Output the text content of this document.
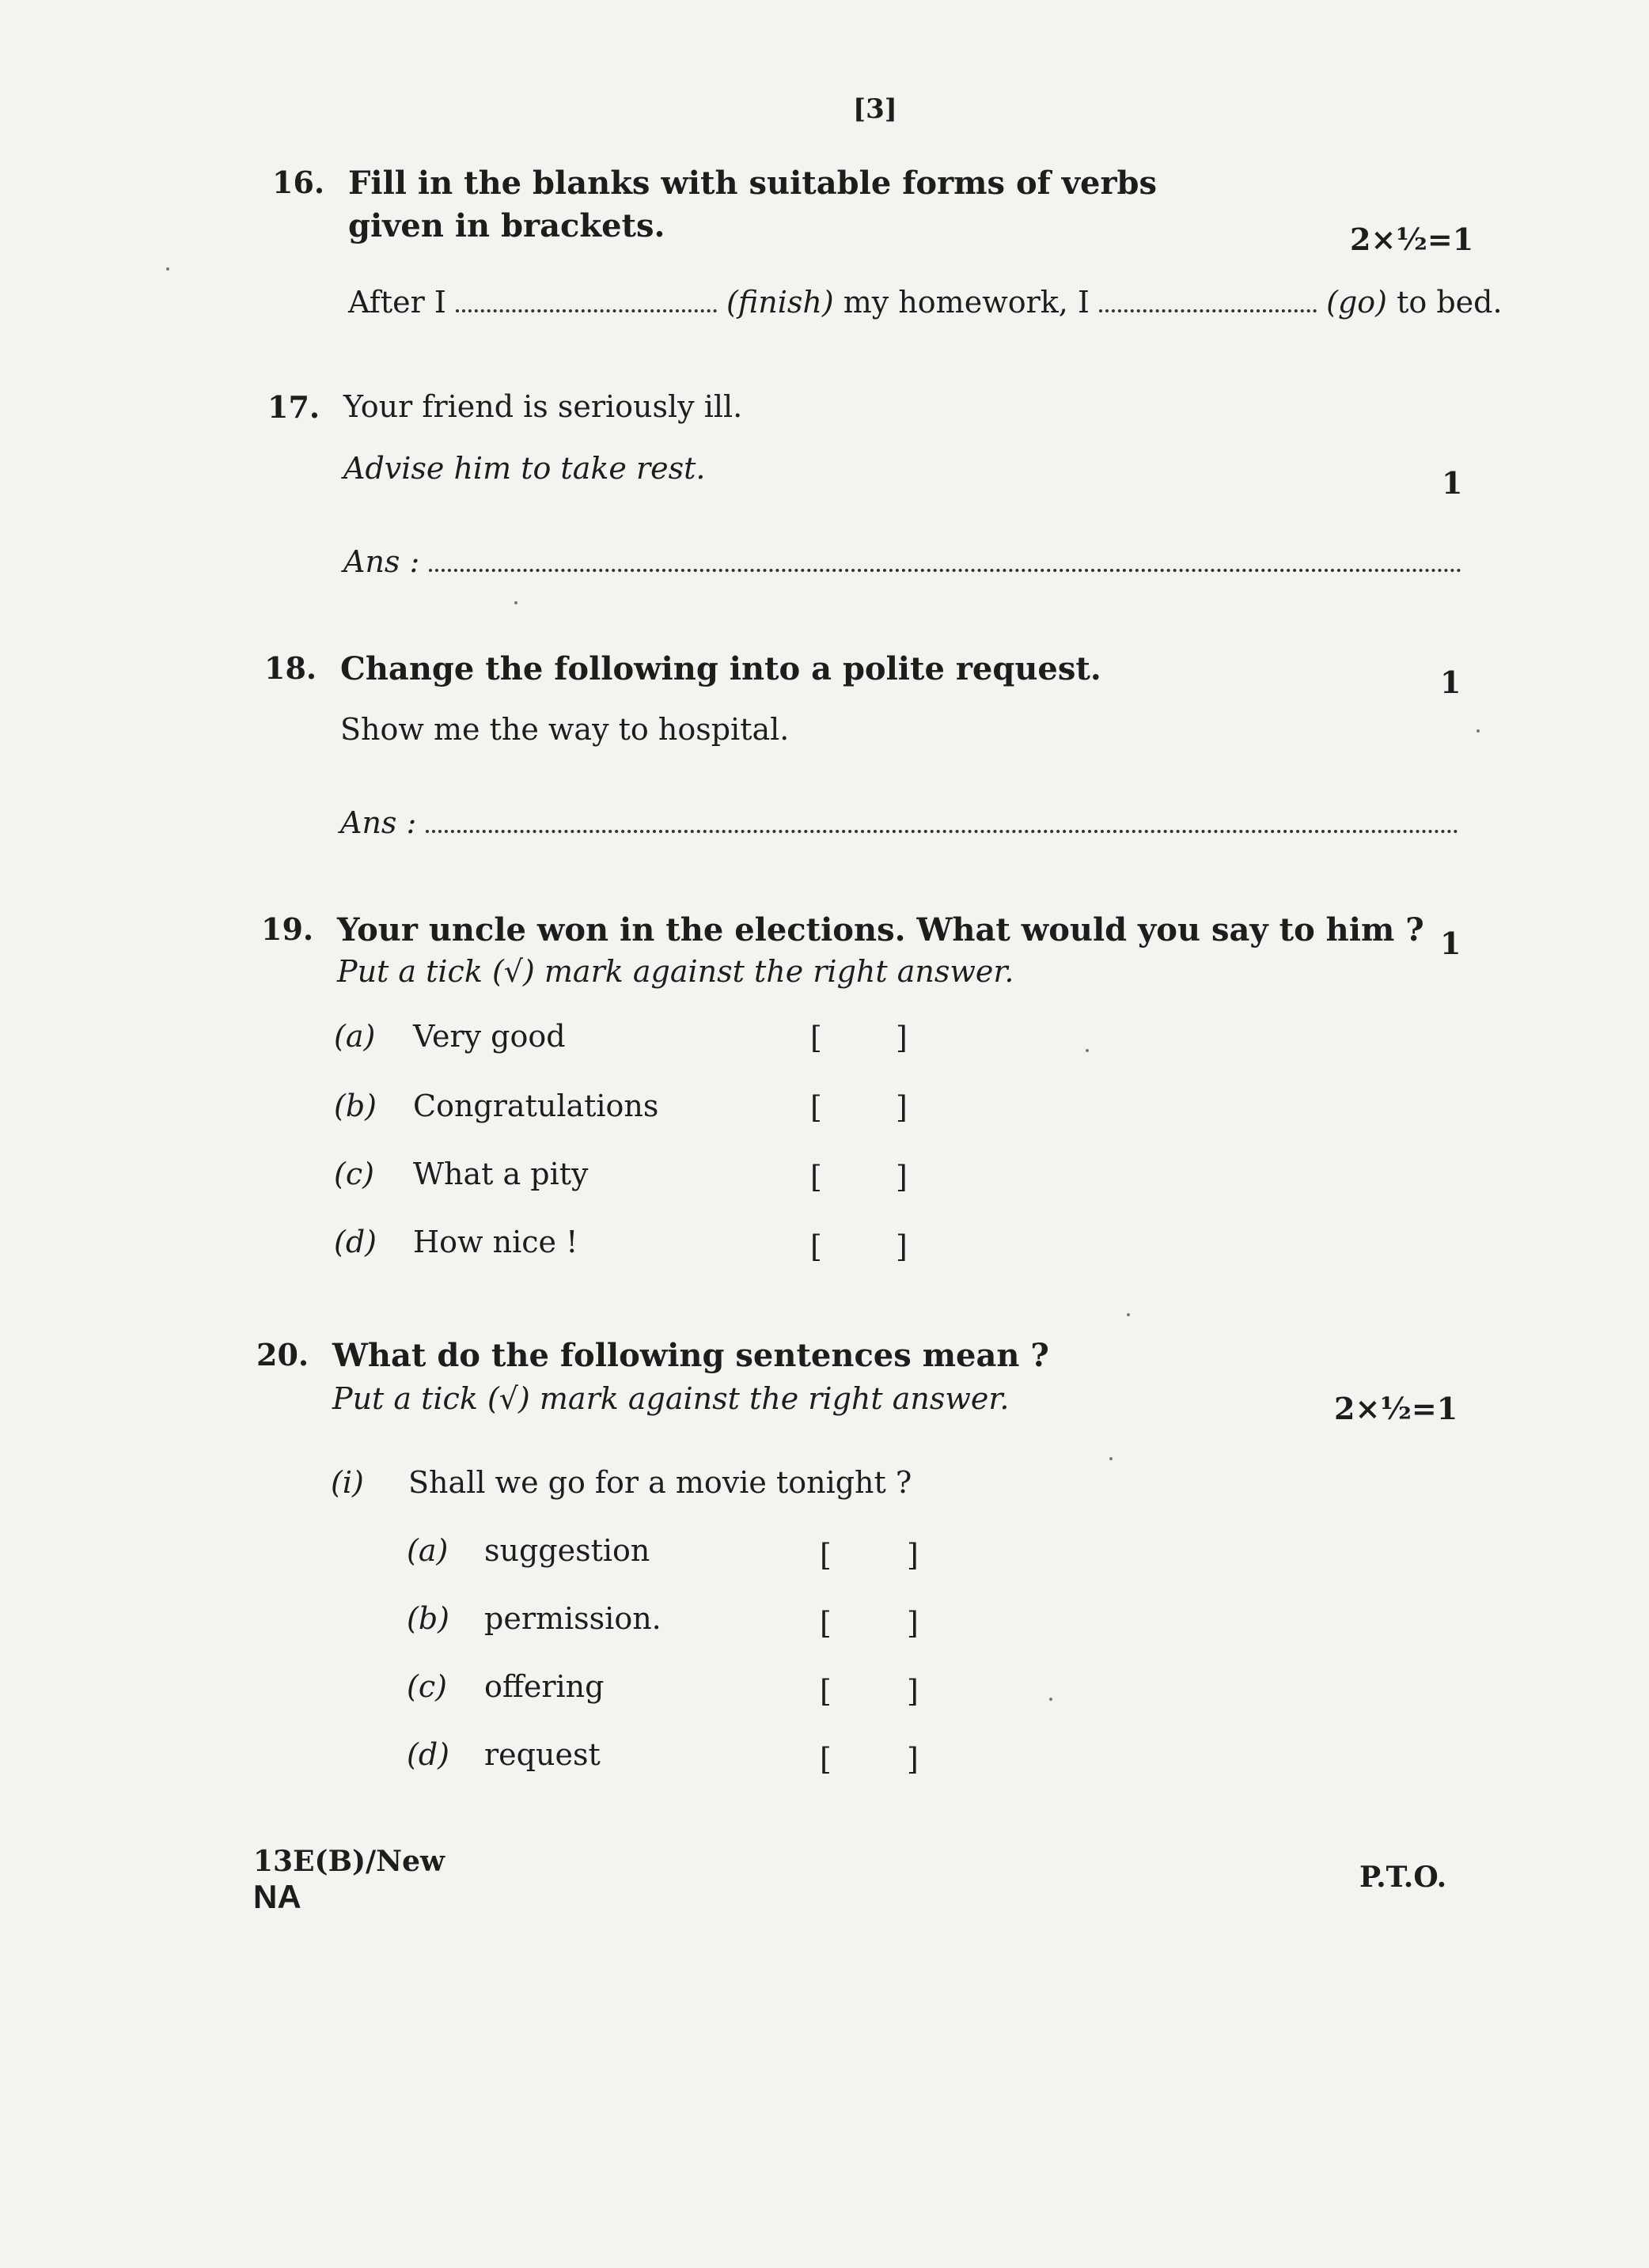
[3]
16. Fill in the blanks with suitable forms of verbs
given in brackets.	2×½=1
After I	(finish) my homework, I	(go) to bed.
17. Your friend is seriously ill.
Advise him to take rest.	1
Ans :
18. Change the following into a polite request.	1
Show me the way to hospital.
Ans :
19. Your uncle won in the elections. What would you say to him ? 1
Put a tick (√) mark against the right answer.
(a) Very good	[ ]
(b) Congratulations	[ ]
(c) What a pity	[ ]
(d) How nice !	[ ]
20. What do the following sentences mean ?
Put a tick (√) mark against the right answer.	2×½=1
(i) Shall we go for a movie tonight ?
(a) suggestion	[	]
(b) permission.	[	]
(c) offering	[	]
(d) request	[	]
13E(B)/New
NA
P.T.O.
